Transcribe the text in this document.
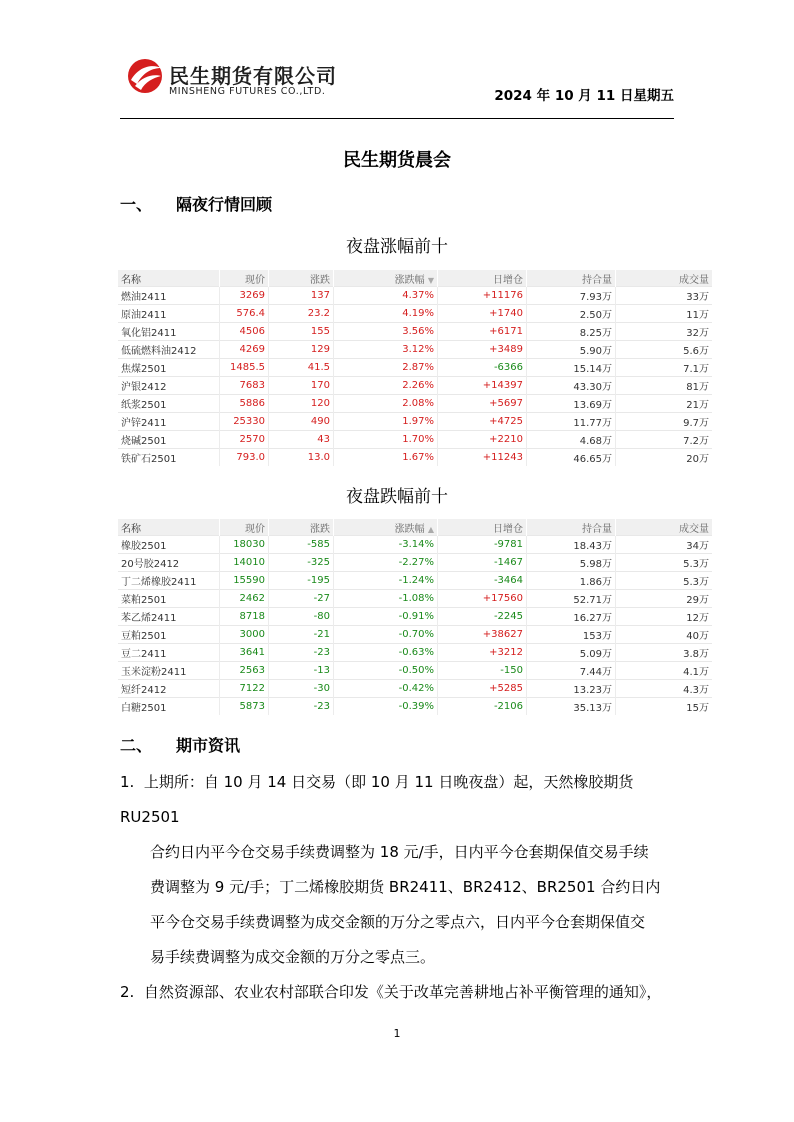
民生期货有限公司
MINSHENG FUTURES CO.,LTD.	2024 年 10 月 11 日星期五
民生期货晨会
一、 隔夜行情回顾
夜盘涨幅前十
名称	现价	涨跌	涨跌幅 ▼	日增仓	持合量	成交量
燃油2411	3269	137	4.37%	+11176	7.93万	33万
原油2411	576.4	23.2	4.19%	+1740	2.50万	11万
氧化铝2411	4506	155	3.56%	+6171	8.25万	32万
低硫燃料油2412	4269	129	3.12%	+3489	5.90万	5.6万
焦煤2501	1485.5	41.5	2.87%	-6366	15.14万	7.1万
沪银2412	7683	170	2.26%	+14397	43.30万	81万
纸浆2501	5886	120	2.08%	+5697	13.69万	21万
沪锌2411	25330	490	1.97%	+4725	11.77万	9.7万
烧碱2501	2570	43	1.70%	+2210	4.68万	7.2万
铁矿石2501	793.0	13.0	1.67%	+11243	46.65万	20万
夜盘跌幅前十
名称	现价	涨跌	涨跌幅 ▲	日增仓	持合量	成交量
橡胶2501	18030	-585	-3.14%	-9781	18.43万	34万
20号胶2412	14010	-325	-2.27%	-1467	5.98万	5.3万
丁二烯橡胶2411	15590	-195	-1.24%	-3464	1.86万	5.3万
菜粕2501	2462	-27	-1.08%	+17560	52.71万	29万
苯乙烯2411	8718	-80	-0.91%	-2245	16.27万	12万
豆粕2501	3000	-21	-0.70%	+38627	153万	40万
豆二2411	3641	-23	-0.63%	+3212	5.09万	3.8万
玉米淀粉2411	2563	-13	-0.50%	-150	7.44万	4.1万
短纤2412	7122	-30	-0.42%	+5285	13.23万	4.3万
白糖2501	5873	-23	-0.39%	-2106	35.13万	15万
二、 期市资讯
1. 上期所：自 10 月 14 日交易（即 10 月 11 日晚夜盘）起，天然橡胶期货 RU2501
合约日内平今仓交易手续费调整为 18 元/手，日内平今仓套期保值交易手续
费调整为 9 元/手；丁二烯橡胶期货 BR2411、BR2412、BR2501 合约日内
平今仓交易手续费调整为成交金额的万分之零点六，日内平今仓套期保值交
易手续费调整为成交金额的万分之零点三。
2. 自然资源部、农业农村部联合印发《关于改革完善耕地占补平衡管理的通知》，
1
